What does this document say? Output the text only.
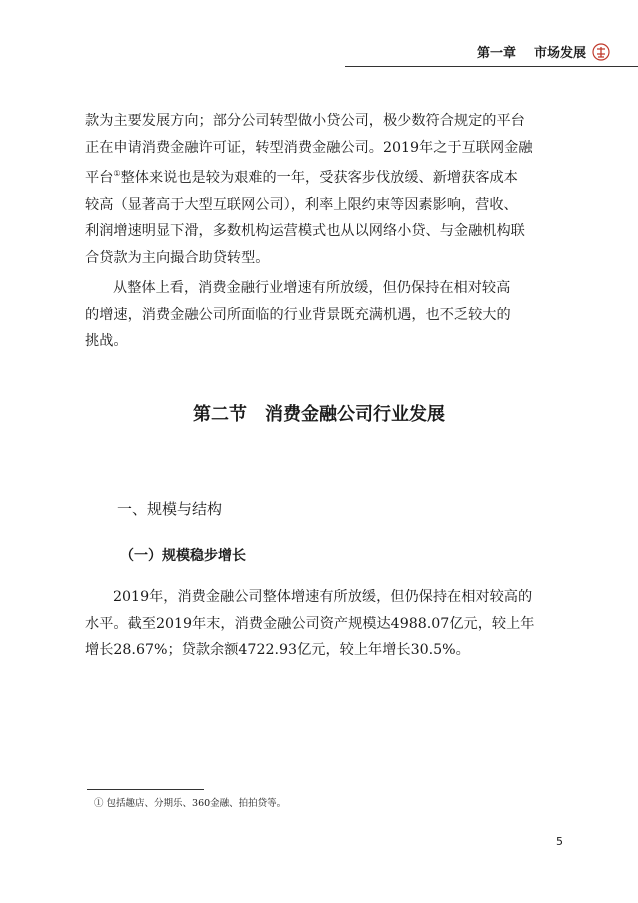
第一章 市场发展
款为主要发展方向；部分公司转型做小贷公司，极少数符合规定的平台
正在申请消费金融许可证，转型消费金融公司。2019年之于互联网金融
平台①整体来说也是较为艰难的一年，受获客步伐放缓、新增获客成本
较高（显著高于大型互联网公司），利率上限约束等因素影响，营收、
利润增速明显下滑，多数机构运营模式也从以网络小贷、与金融机构联
合贷款为主向撮合助贷转型。
从整体上看，消费金融行业增速有所放缓，但仍保持在相对较高
的增速，消费金融公司所面临的行业背景既充满机遇，也不乏较大的
挑战。
第二节　消费金融公司行业发展
一、规模与结构
（一）规模稳步增长
2019年，消费金融公司整体增速有所放缓，但仍保持在相对较高的
水平。截至2019年末，消费金融公司资产规模达4988.07亿元，较上年
增长28.67%；贷款余额4722.93亿元，较上年增长30.5%。
① 包括趣店、分期乐、360金融、拍拍贷等。
5
